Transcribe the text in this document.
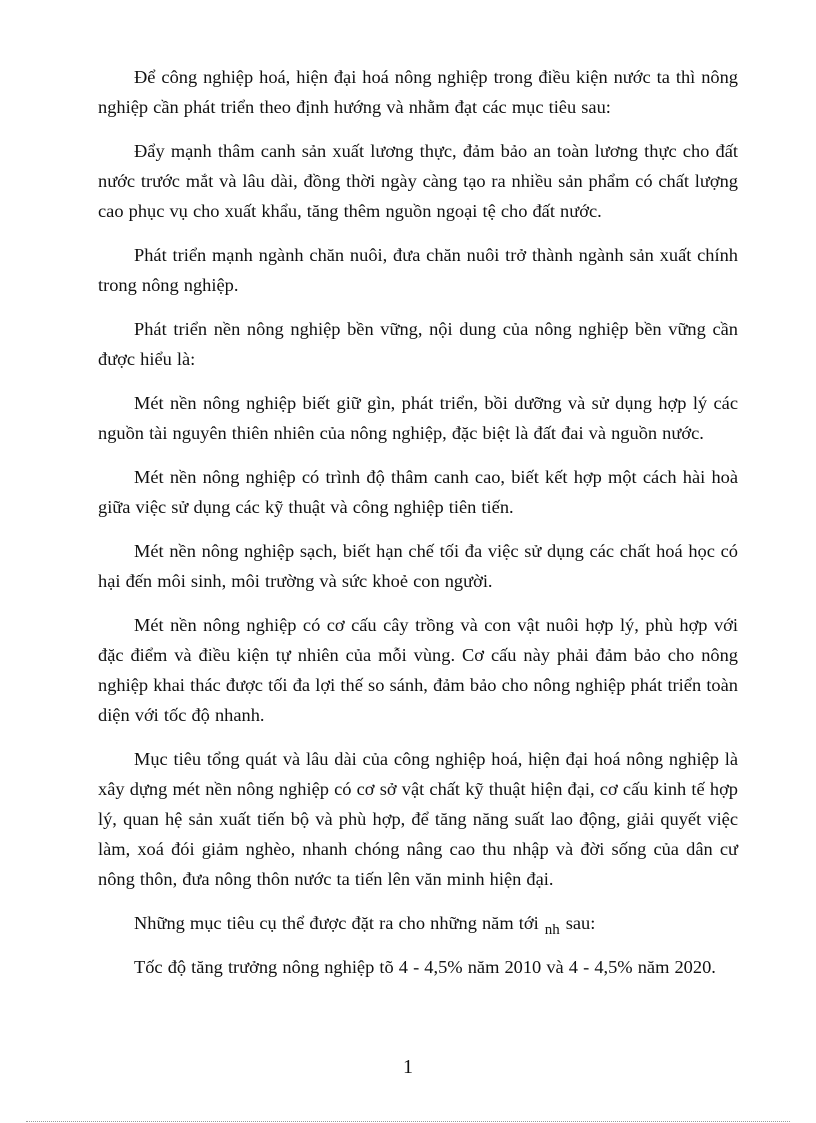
Để công nghiệp hoá, hiện đại hoá nông nghiệp trong điều kiện nước ta thì nông nghiệp cần phát triển theo định hướng và nhằm đạt các mục tiêu sau:

Đẩy mạnh thâm canh sản xuất lương thực, đảm bảo an toàn lương thực cho đất nước trước mắt và lâu dài, đồng thời ngày càng tạo ra nhiều sản phẩm có chất lượng cao phục vụ cho xuất khẩu, tăng thêm nguồn ngoại tệ cho đất nước.

Phát triển mạnh ngành chăn nuôi, đưa chăn nuôi trở thành ngành sản xuất chính trong nông nghiệp.

Phát triển nền nông nghiệp bền vững, nội dung của nông nghiệp bền vững cần được hiểu là:

Mét nền nông nghiệp biết giữ gìn, phát triển, bồi dưỡng và sử dụng hợp lý các nguồn tài nguyên thiên nhiên của nông nghiệp, đặc biệt là đất đai và nguồn nước.

Mét nền nông nghiệp có trình độ thâm canh cao, biết kết hợp một cách hài hoà giữa việc sử dụng các kỹ thuật và công nghiệp tiên tiến.

Mét nền nông nghiệp sạch, biết hạn chế tối đa việc sử dụng các chất hoá học có hại đến môi sinh, môi trường và sức khoẻ con người.

Mét nền nông nghiệp có cơ cấu cây trồng và con vật nuôi hợp lý, phù hợp với đặc điểm và điều kiện tự nhiên của mỗi vùng. Cơ cấu này phải đảm bảo cho nông nghiệp khai thác được tối đa lợi thế so sánh, đảm bảo cho nông nghiệp phát triển toàn diện với tốc độ nhanh.

Mục tiêu tổng quát và lâu dài của công nghiệp hoá, hiện đại hoá nông nghiệp là xây dựng mét nền nông nghiệp có cơ sở vật chất kỹ thuật hiện đại, cơ cấu kinh tế hợp lý, quan hệ sản xuất tiến bộ và phù hợp, để tăng năng suất lao động, giải quyết việc làm, xoá đói giảm nghèo, nhanh chóng nâng cao thu nhập và đời sống của dân cư nông thôn, đưa nông thôn nước ta tiến lên văn minh hiện đại.

Những mục tiêu cụ thể được đặt ra cho những năm tới $_{nh}$ sau:

Tốc độ tăng trưởng nông nghiệp tõ 4 - 4,5% năm 2010 và 4 - 4,5% năm 2020.

1
